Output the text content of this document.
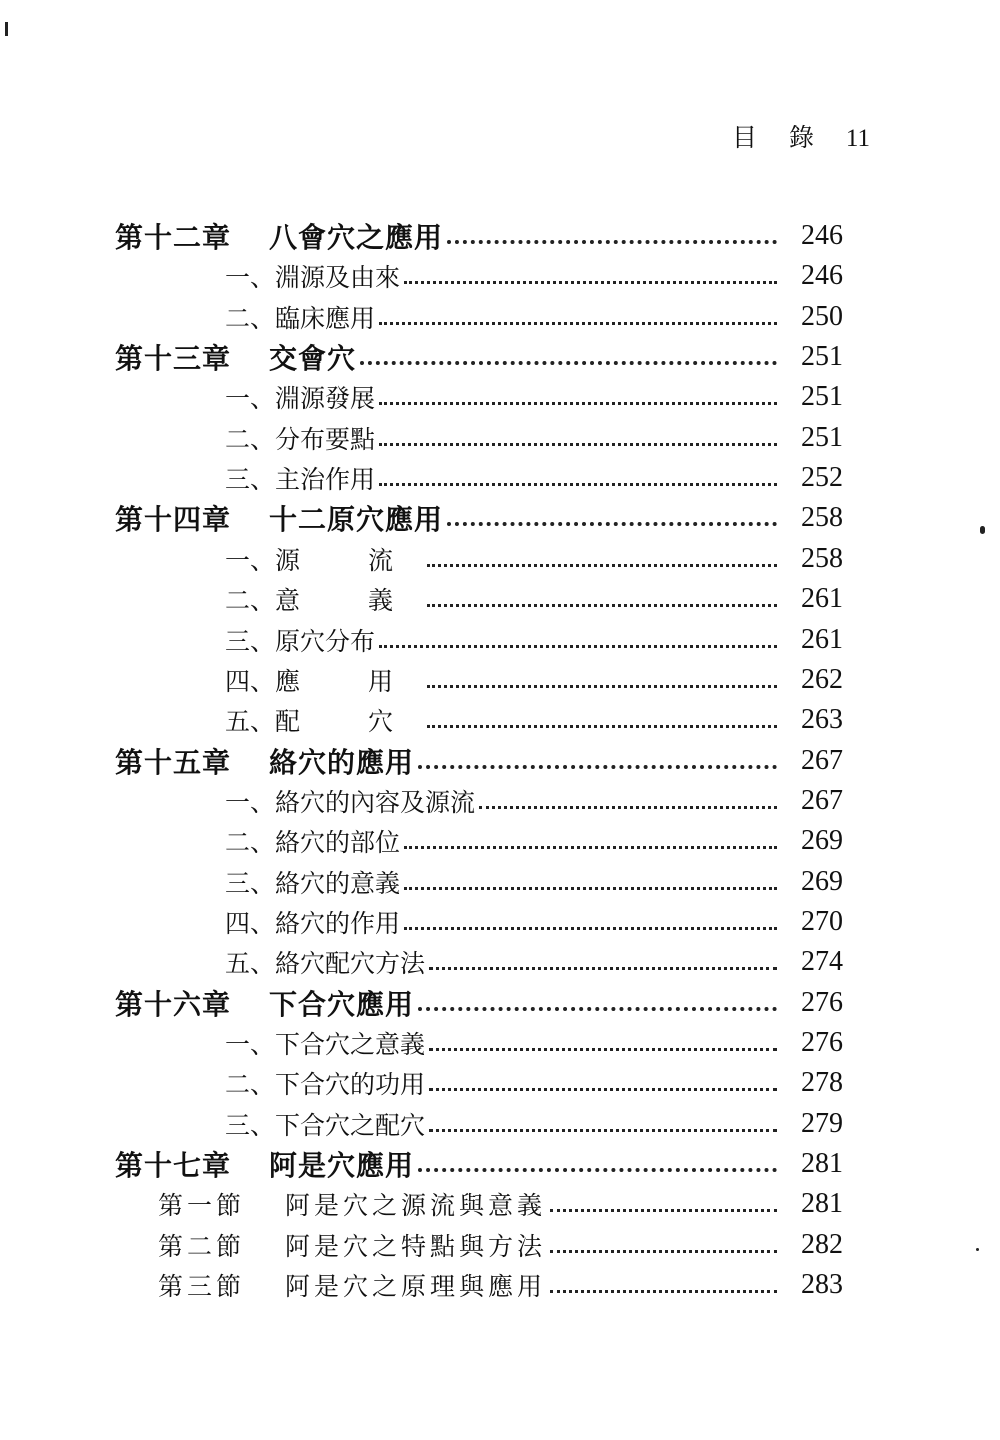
目 錄 11
第十二章	八會穴之應用	246
一、 淵源及由來	246
二、 臨床應用	250
第十三章	交會穴	251
一、 淵源發展	251
二、 分布要點	251
三、 主治作用	252
第十四章	十二原穴應用	258
一、 源 流	258
二、 意 義	261
三、 原穴分布	261
四、 應 用	262
五、 配 穴	263
第十五章	絡穴的應用	267
一、 絡穴的內容及源流	267
二、 絡穴的部位	269
三、 絡穴的意義	269
四、 絡穴的作用	270
五、 絡穴配穴方法	274
第十六章	下合穴應用	276
一、 下合穴之意義	276
二、 下合穴的功用	278
三、 下合穴之配穴	279
第十七章	阿是穴應用	281
第一節	阿是穴之源流與意義	281
第二節	阿是穴之特點與方法	282
第三節	阿是穴之原理與應用	283
